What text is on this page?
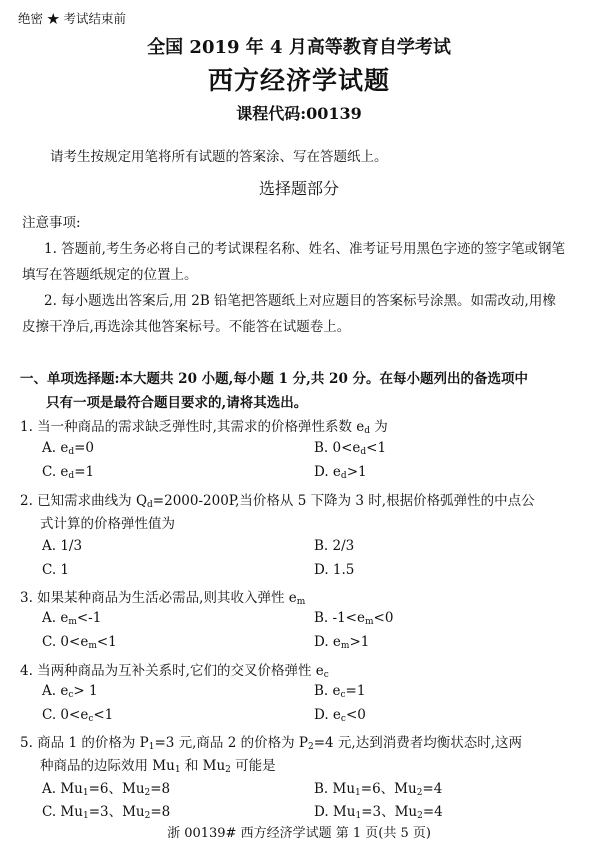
绝密 ★ 考试结束前
全国 2019 年 4 月高等教育自学考试
西方经济学试题
课程代码:00139
请考生按规定用笔将所有试题的答案涂、写在答题纸上。
选择题部分
注意事项:
1. 答题前,考生务必将自己的考试课程名称、姓名、准考证号用黑色字迹的签字笔或钢笔
填写在答题纸规定的位置上。
2. 每小题选出答案后,用 2B 铅笔把答题纸上对应题目的答案标号涂黑。如需改动,用橡
皮擦干净后,再选涂其他答案标号。不能答在试题卷上。
一、单项选择题:本大题共 20 小题,每小题 1 分,共 20 分。在每小题列出的备选项中
只有一项是最符合题目要求的,请将其选出。
1. 当一种商品的需求缺乏弹性时,其需求的价格弹性系数 $e_d$ 为
A. $e_d=0$	B. $0<e_d<1$
C. $e_d=1$	D. $e_d>1$
2. 已知需求曲线为 $Q_d=2000-200P$,当价格从 5 下降为 3 时,根据价格弧弹性的中点公
式计算的价格弹性值为
A. 1/3	B. 2/3
C. 1	D. 1.5
3. 如果某种商品为生活必需品,则其收入弹性 $e_m$
A. $e_m<-1$	B. $-1<e_m<0$
C. $0<e_m<1$	D. $e_m>1$
4. 当两种商品为互补关系时,它们的交叉价格弹性 $e_c$
A. $e_c> 1$	B. $e_c=1$
C. $0<e_c<1$	D. $e_c<0$
5. 商品 1 的价格为 $P_1=3$ 元,商品 2 的价格为 $P_2=4$ 元,达到消费者均衡状态时,这两
种商品的边际效用 $Mu_1$ 和 $Mu_2$ 可能是
A. $Mu_1=6$、$Mu_2=8$	B. $Mu_1=6$、$Mu_2=4$
C. $Mu_1=3$、$Mu_2=8$	D. $Mu_1=3$、$Mu_2=4$
浙 00139# 西方经济学试题 第 1 页(共 5 页)
